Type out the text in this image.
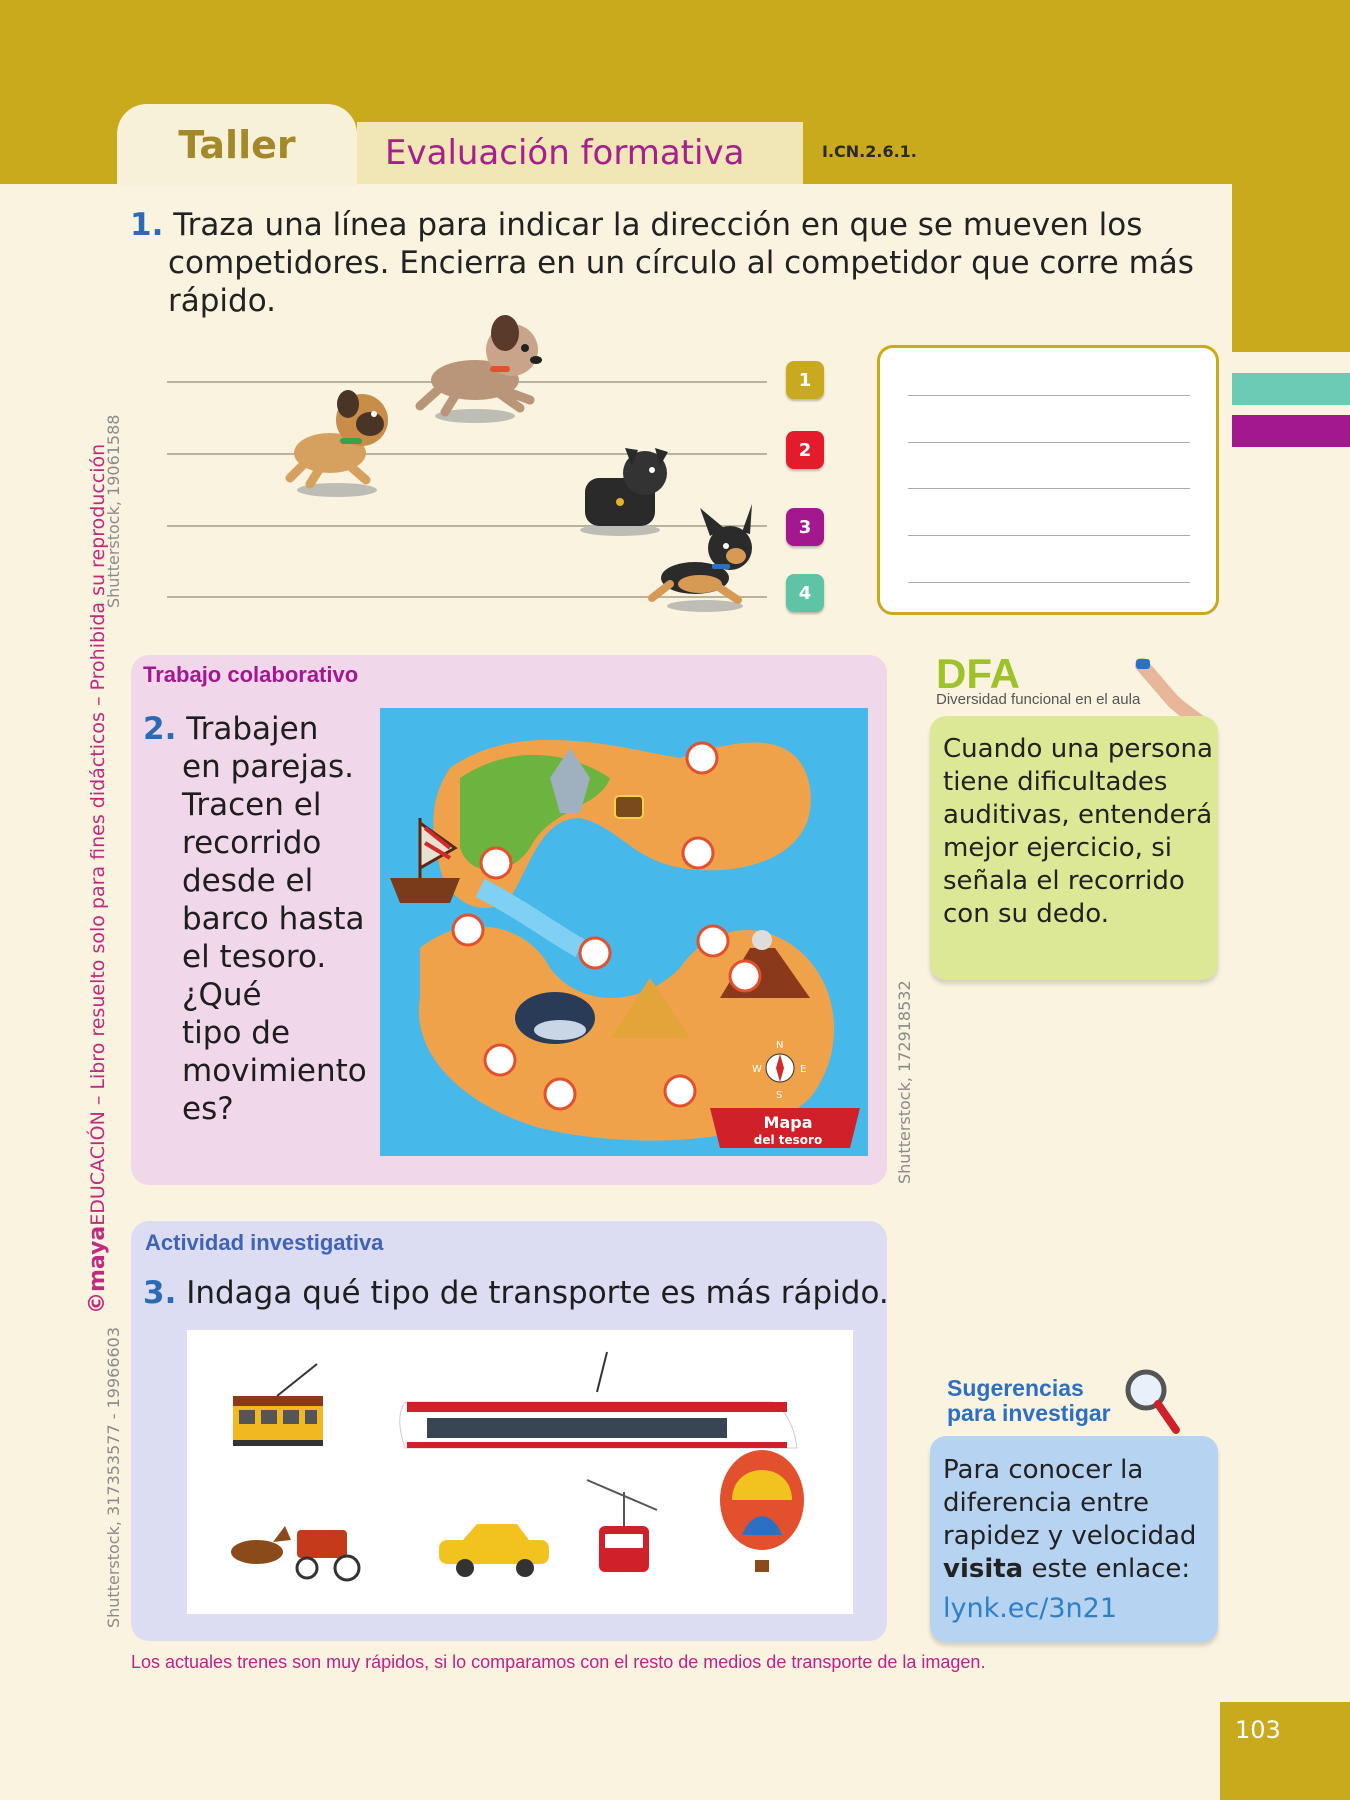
Taller	Evaluación formativa	I.CN.2.6.1.
1. Traza una línea para indicar la dirección en que se mueven los
competidores. Encierra en un círculo al competidor que corre más
rápido.
1
2
3
4
Shutterstock, 19061588
©mayaEDUCACIÓN – Libro resuelto solo para fines didácticos – Prohibida su reproducción
Shutterstock, 317353577 - 19966603
Shutterstock, 172918532
Trabajo colaborativo
2. Trabajen
en parejas.
Tracen el
recorrido
desde el
barco hasta
el tesoro.
¿Qué
tipo de
movimiento
es?
N
W	E
S
Mapa
del tesoro
DFA
Diversidad funcional en el aula
Cuando una persona tiene dificultades auditivas, entenderá mejor ejercicio, si señala el recorrido con su dedo.
Actividad investigativa
3. Indaga qué tipo de transporte es más rápido.
Sugerencias
para investigar
Para conocer la diferencia entre rapidez y velocidad visita este enlace:
lynk.ec/3n21
Los actuales trenes son muy rápidos, si lo comparamos con el resto de medios de transporte de la imagen.
103
